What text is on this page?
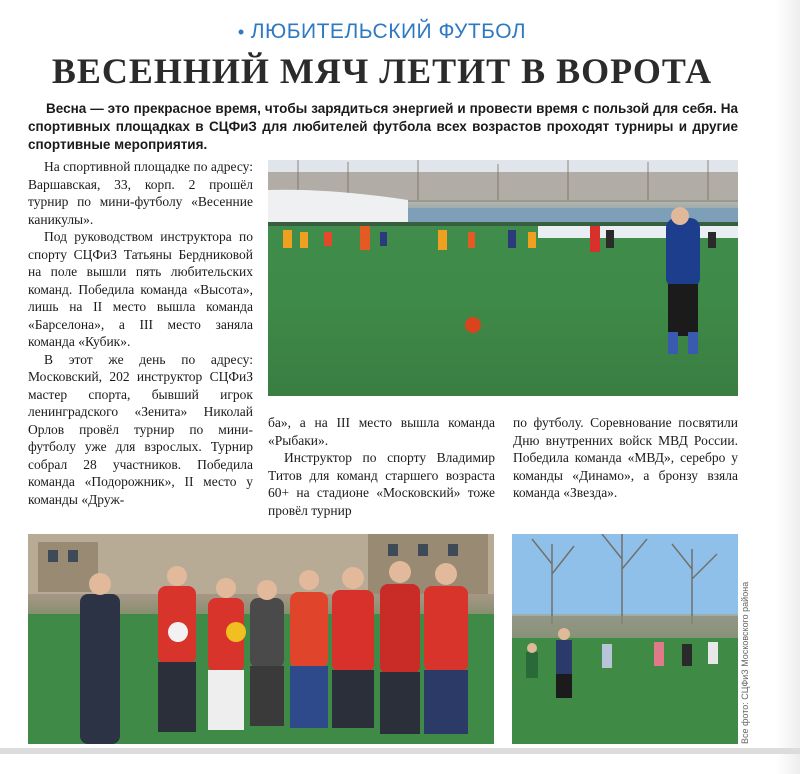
• ЛЮБИТЕЛЬСКИЙ ФУТБОЛ
ВЕСЕННИЙ МЯЧ ЛЕТИТ В ВОРОТА
Весна — это прекрасное время, чтобы зарядиться энергией и провести время с пользой для себя. На спортивных площадках в СЦФиЗ для любителей футбола всех возрастов проходят турниры и другие спортивные мероприятия.

На спортивной площадке по адресу: Варшавская, 33, корп. 2 прошёл турнир по мини-футболу «Весенние каникулы».

Под руководством инструктора по спорту СЦФиЗ Татьяны Бердниковой на поле вышли пять любительских команд. Победила команда «Высота», лишь на II место вышла команда «Барселона», а III место заняла команда «Кубик».

В этот же день по адресу: Московский, 202 инструктор СЦФиЗ мастер спорта, бывший игрок ленинградского «Зенита» Николай Орлов провёл турнир по мини-футболу уже для взрослых. Турнир собрал 28 участников. Победила команда «Подорожник», II место у команды «Друж-

ба», а на III место вышла команда «Рыбаки».

Инструктор по спорту Владимир Титов для команд старшего возраста 60+ на стадионе «Московский» тоже провёл турнир

по футболу. Соревнование посвятили Дню внутренних войск МВД России. Победила команда «МВД», серебро у команды «Динамо», а бронзу взяла команда «Звезда».

Все фото: СЦФиЗ Московского района
